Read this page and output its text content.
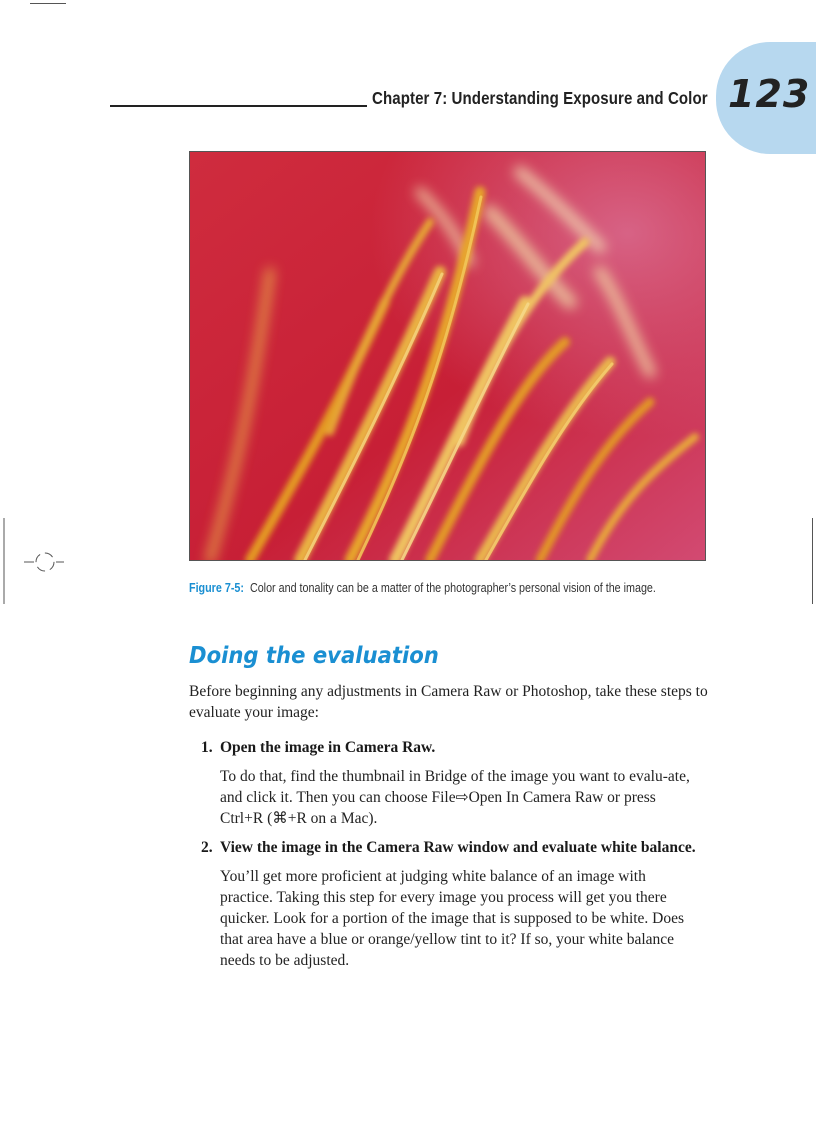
123
Chapter 7: Understanding Exposure and Color
Figure 7-5: Color and tonality can be a matter of the photographer’s personal vision of the image.
Doing the evaluation

Before beginning any adjustments in Camera Raw or Photoshop, take these steps to evaluate your image:

1. Open the image in Camera Raw.
To do that, find the thumbnail in Bridge of the image you want to evalu-ate, and click it. Then you can choose File⇨Open In Camera Raw or press Ctrl+R (⌘+R on a Mac).
2. View the image in the Camera Raw window and evaluate white balance.
You’ll get more proficient at judging white balance of an image with practice. Taking this step for every image you process will get you there quicker. Look for a portion of the image that is supposed to be white. Does that area have a blue or orange/yellow tint to it? If so, your white balance needs to be adjusted.
